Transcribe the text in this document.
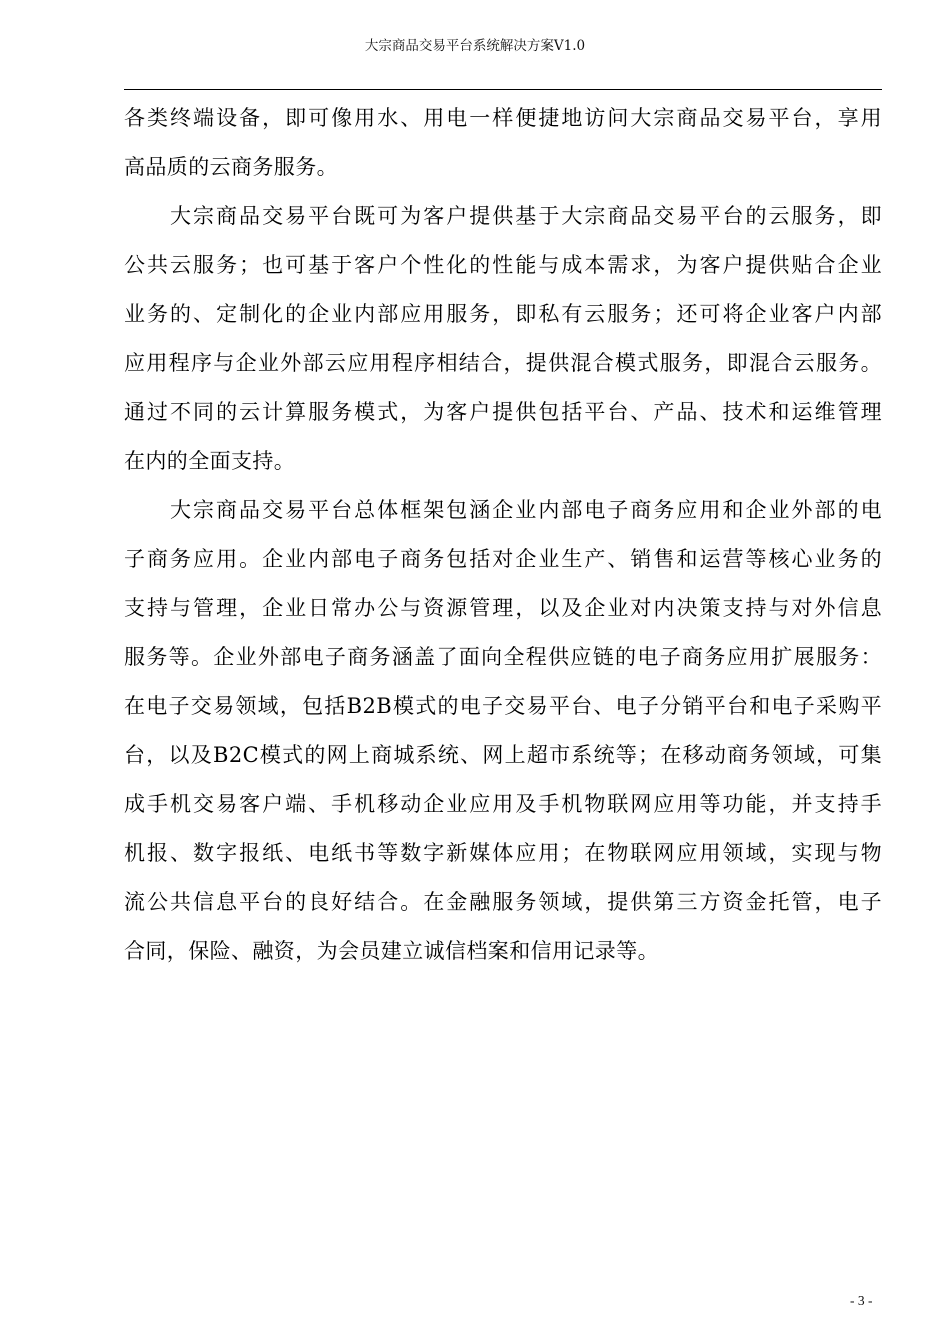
大宗商品交易平台系统解决方案V1.0

各类终端设备，即可像用水、用电一样便捷地访问大宗商品交易平台，享用
高品质的云商务服务。

大宗商品交易平台既可为客户提供基于大宗商品交易平台的云服务，即
公共云服务；也可基于客户个性化的性能与成本需求，为客户提供贴合企业
业务的、定制化的企业内部应用服务，即私有云服务；还可将企业客户内部
应用程序与企业外部云应用程序相结合，提供混合模式服务，即混合云服务。
通过不同的云计算服务模式，为客户提供包括平台、产品、技术和运维管理
在内的全面支持。

大宗商品交易平台总体框架包涵企业内部电子商务应用和企业外部的电
子商务应用。企业内部电子商务包括对企业生产、销售和运营等核心业务的
支持与管理，企业日常办公与资源管理，以及企业对内决策支持与对外信息
服务等。企业外部电子商务涵盖了面向全程供应链的电子商务应用扩展服务：
在电子交易领域，包括B2B模式的电子交易平台、电子分销平台和电子采购平
台，以及B2C模式的网上商城系统、网上超市系统等；在移动商务领域，可集
成手机交易客户端、手机移动企业应用及手机物联网应用等功能，并支持手
机报、数字报纸、电纸书等数字新媒体应用；在物联网应用领域，实现与物
流公共信息平台的良好结合。在金融服务领域，提供第三方资金托管，电子
合同，保险、融资，为会员建立诚信档案和信用记录等。

- 3 -
